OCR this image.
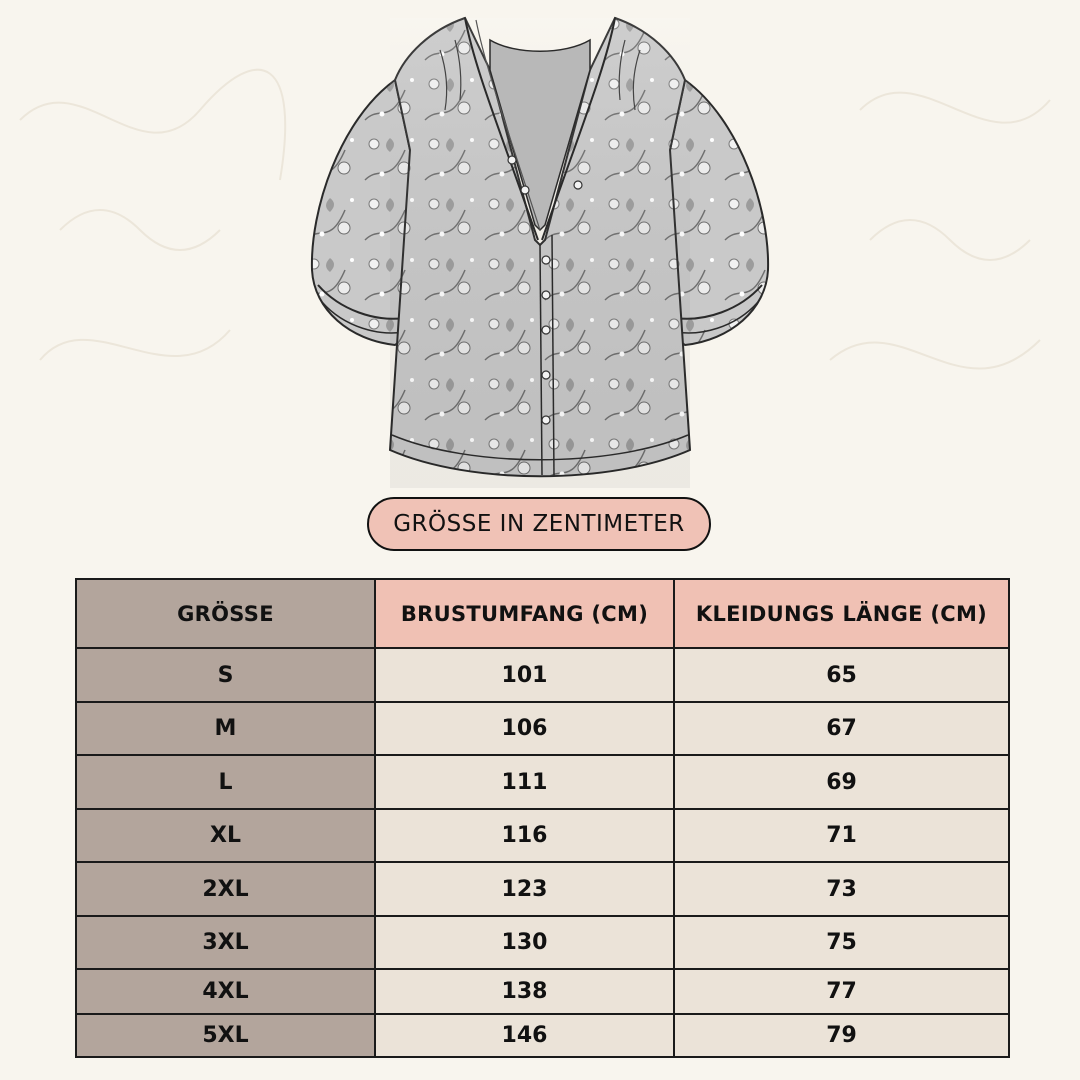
GRÖSSE IN ZENTIMETER
GRÖSSE	BRUSTUMFANG (CM)	KLEIDUNGS LÄNGE (CM)
S	101	65
M	106	67
L	111	69
XL	116	71
2XL	123	73
3XL	130	75
4XL	138	77
5XL	146	79
